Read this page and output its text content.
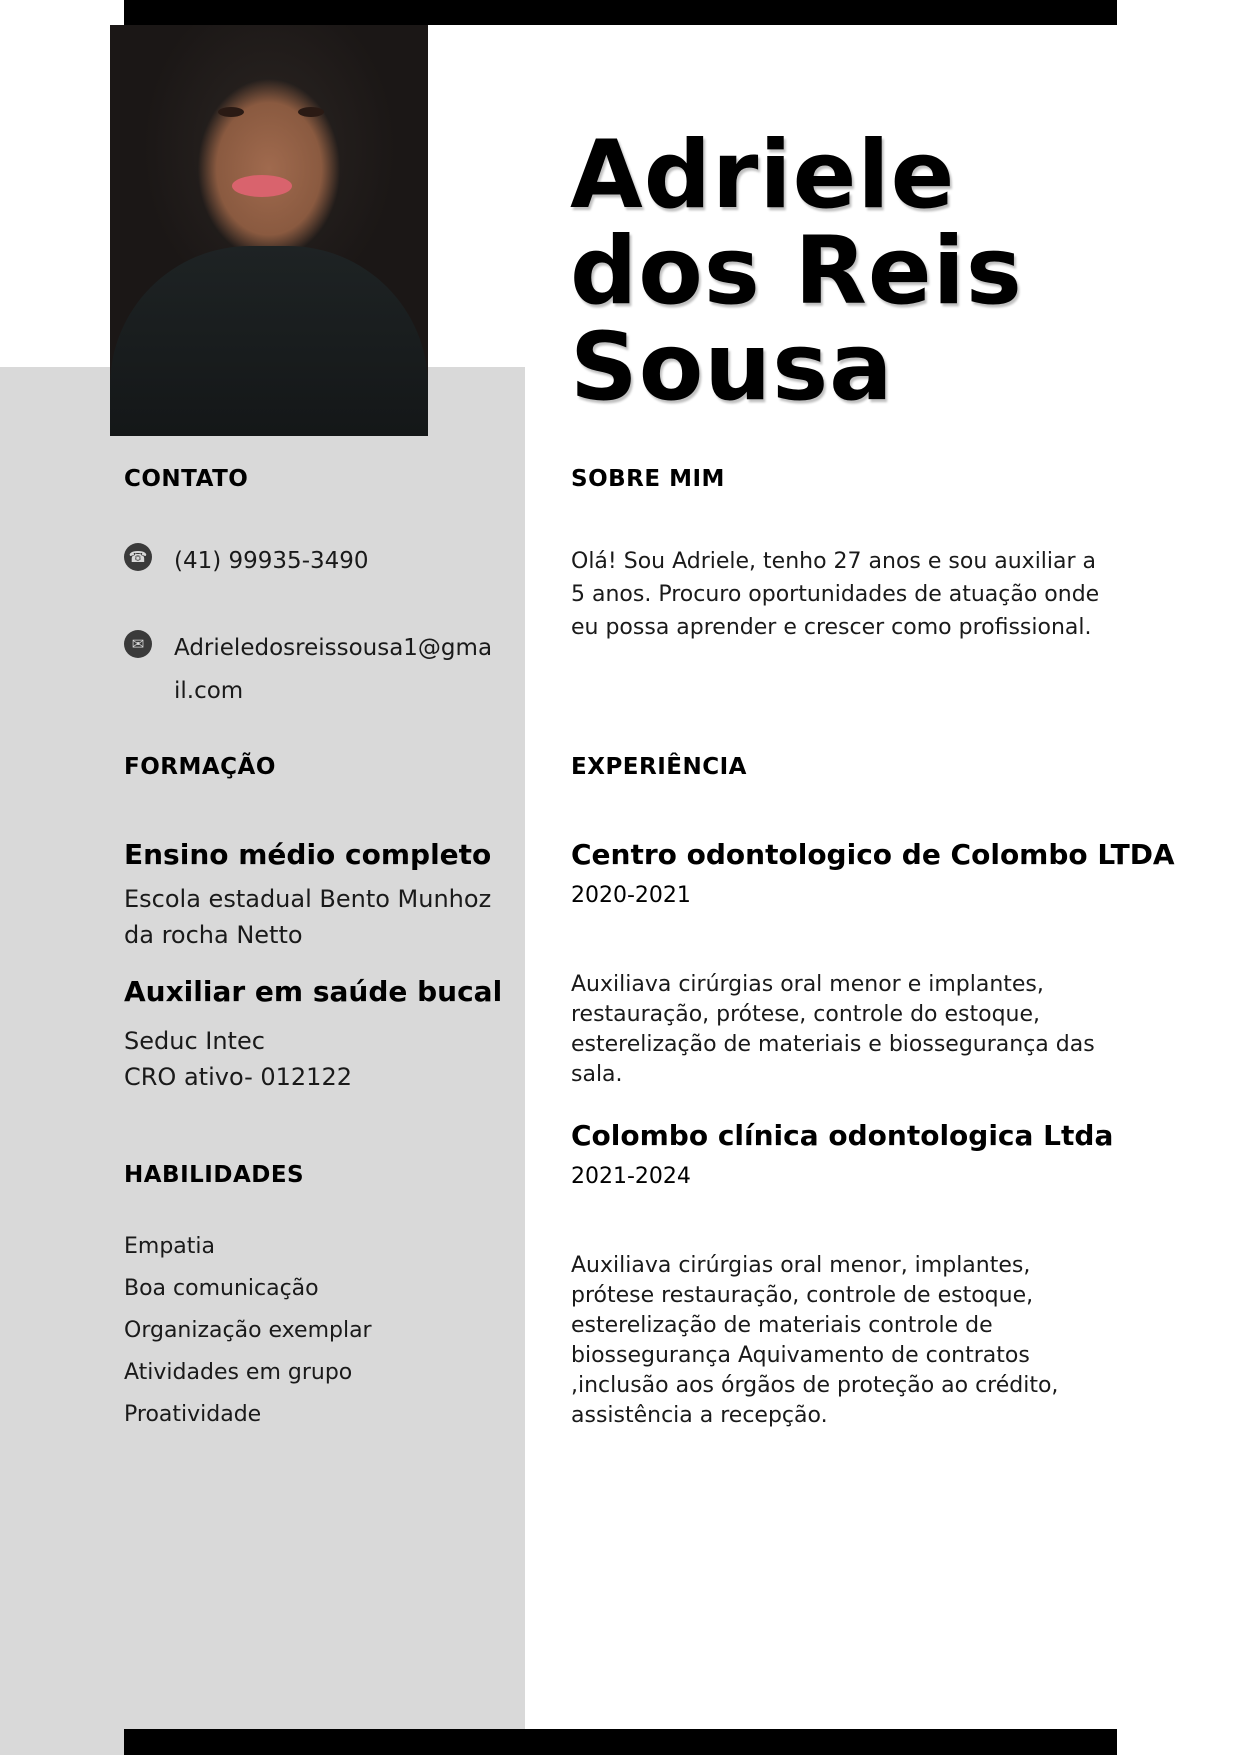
Adriele
dos Reis
Sousa
CONTATO
☎ (41) 99935-3490
✉	Adrieledosreissousa1@gmail.com
SOBRE MIM

Olá! Sou Adriele, tenho 27 anos e sou auxiliar a 5 anos. Procuro oportunidades de atuação onde eu possa aprender e crescer como profissional.

FORMAÇÃO
Ensino médio completo

Escola estadual Bento Munhoz
da rocha Netto

Auxiliar em saúde bucal

Seduc Intec
CRO ativo- 012122

HABILIDADES
Empatia
Boa comunicação
Organização exemplar
Atividades em grupo
Proatividade
EXPERIÊNCIA
Centro odontologico de Colombo LTDA

2020-2021

Auxiliava cirúrgias oral menor e implantes, restauração, prótese, controle do estoque, esterelização de materiais e biossegurança das sala.

Colombo clínica odontologica Ltda

2021-2024

Auxiliava cirúrgias oral menor, implantes, prótese restauração, controle de estoque, esterelização de materiais controle de biossegurança Aquivamento de contratos ,inclusão aos órgãos de proteção ao crédito, assistência a recepção.
